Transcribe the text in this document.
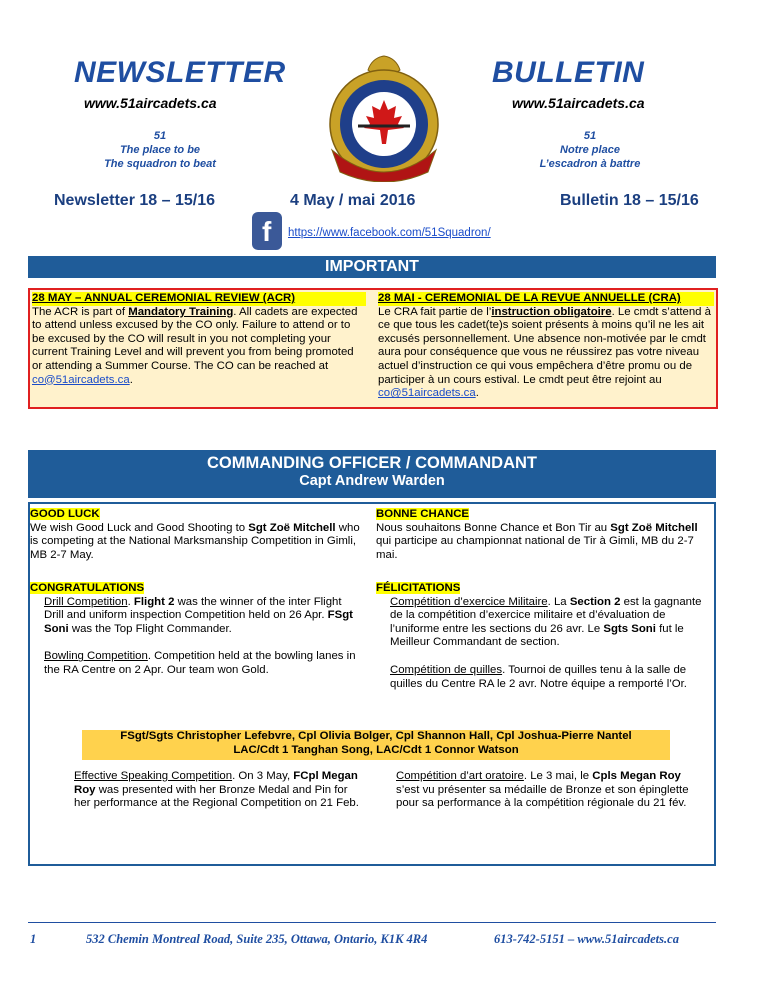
NEWSLETTER	BULLETIN
www.51aircadets.ca	www.51aircadets.ca
51
The place to be
The squadron to beat
51
Notre place
L’escadron à battre
Newsletter 18 – 15/16	4 May / mai 2016	Bulletin 18 – 15/16
f https://www.facebook.com/51Squadron/
IMPORTANT

28 MAY – ANNUAL CEREMONIAL REVIEW (ACR)

The ACR is part of Mandatory Training. All cadets are expected to attend unless excused by the CO only. Failure to attend or to be excused by the CO will result in you not completing your current Training Level and will prevent you from being promoted or attending a Summer Course. The CO can be reached at co@51aircadets.ca.

28 MAI - CEREMONIAL DE LA REVUE ANNUELLE (CRA)

Le CRA fait partie de l’instruction obligatoire. Le cmdt s’attend à ce que tous les cadet(te)s soient présents à moins qu’il ne les ait excusés personnellement. Une absence non-motivée par le cmdt aura pour conséquence que vous ne réussirez pas votre niveau actuel d’instruction ce qui vous empêchera d’être promu ou de participer à un cours estival. Le cmdt peut être rejoint au co@51aircadets.ca.

COMMANDING OFFICER / COMMANDANT
Capt Andrew Warden

GOOD LUCK

We wish Good Luck and Good Shooting to Sgt Zoë Mitchell who is competing at the National Marksmanship Competition in Gimli, MB 2-7 May.

BONNE CHANCE

Nous souhaitons Bonne Chance et Bon Tir au Sgt Zoë Mitchell qui participe au championnat national de Tir à Gimli, MB du 2-7 mai.

CONGRATULATIONS

Drill Competition. Flight 2 was the winner of the inter Flight Drill and uniform inspection Competition held on 26 Apr. FSgt Soni was the Top Flight Commander.

Bowling Competition. Competition held at the bowling lanes in the RA Centre on 2 Apr. Our team won Gold.

FÉLICITATIONS

Compétition d’exercice Militaire. La Section 2 est la gagnante de la compétition d’exercice militaire et d’évaluation de l’uniforme entre les sections du 26 avr. Le Sgts Soni fut le Meilleur Commandant de section.

Compétition de quilles. Tournoi de quilles tenu à la salle de quilles du Centre RA le 2 avr. Notre équipe a remporté l’Or.

FSgt/Sgts Christopher Lefebvre, Cpl Olivia Bolger, Cpl Shannon Hall, Cpl Joshua-Pierre Nantel
LAC/Cdt 1 Tanghan Song, LAC/Cdt 1 Connor Watson

Effective Speaking Competition. On 3 May, FCpl Megan Roy was presented with her Bronze Medal and Pin for her performance at the Regional Competition on 21 Feb.

Compétition d’art oratoire. Le 3 mai, le Cpls Megan Roy s’est vu présenter sa médaille de Bronze et son épinglette pour sa performance à la compétition régionale du 21 fév.

1	532 Chemin Montreal Road, Suite 235, Ottawa, Ontario, K1K 4R4	613-742-5151 – www.51aircadets.ca
